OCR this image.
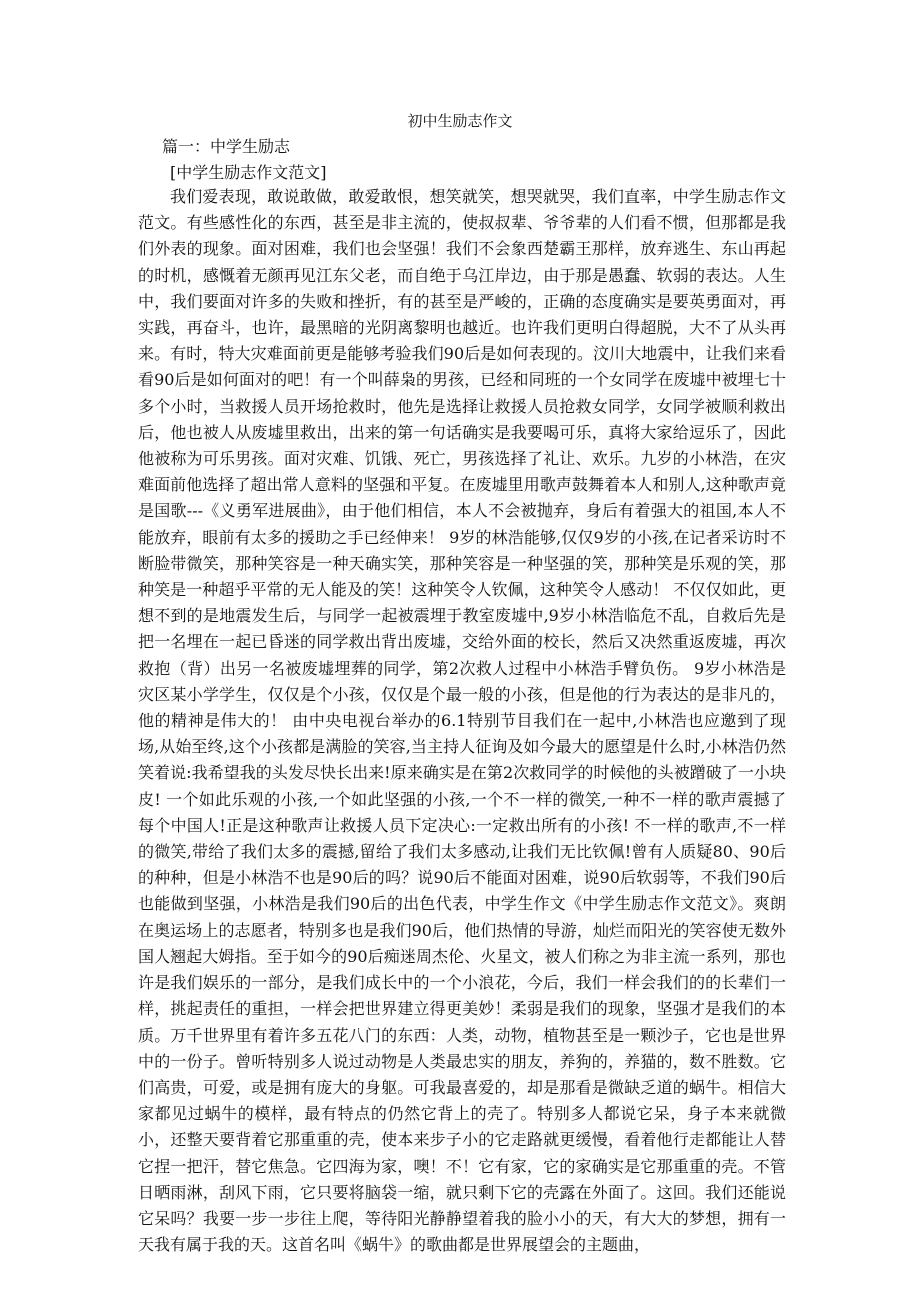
初中生励志作文
篇一：中学生励志
[中学生励志作文范文]

我们爱表现，敢说敢做，敢爱敢恨，想笑就笑，想哭就哭，我们直率，中学生励志作文范文。有些感性化的东西，甚至是非主流的，使叔叔辈、爷爷辈的人们看不惯，但那都是我们外表的现象。面对困难，我们也会坚强！我们不会象西楚霸王那样，放弃逃生、东山再起的时机，感慨着无颜再见江东父老，而自绝于乌江岸边，由于那是愚蠢、软弱的表达。人生中，我们要面对许多的失败和挫折，有的甚至是严峻的，正确的态度确实是要英勇面对，再实践，再奋斗，也许，最黑暗的光阴离黎明也越近。也许我们更明白得超脱，大不了从头再来。有时，特大灾难面前更是能够考验我们90后是如何表现的。汶川大地震中，让我们来看看90后是如何面对的吧！有一个叫薛枭的男孩，已经和同班的一个女同学在废墟中被埋七十多个小时，当救援人员开场抢救时，他先是选择让救援人员抢救女同学，女同学被顺利救出后，他也被人从废墟里救出，出来的第一句话确实是我要喝可乐，真将大家给逗乐了，因此他被称为可乐男孩。面对灾难、饥饿、死亡，男孩选择了礼让、欢乐。九岁的小林浩，在灾难面前他选择了超出常人意料的坚强和平复。在废墟里用歌声鼓舞着本人和别人,这种歌声竟是国歌---《义勇军进展曲》，由于他们相信，本人不会被抛弃，身后有着强大的祖国,本人不能放弃，眼前有太多的援助之手已经伸来！ 9岁的林浩能够,仅仅9岁的小孩,在记者采访时不断脸带微笑，那种笑容是一种天确实笑，那种笑容是一种坚强的笑，那种笑是乐观的笑，那种笑是一种超乎平常的无人能及的笑！这种笑令人钦佩，这种笑令人感动！ 不仅仅如此，更想不到的是地震发生后，与同学一起被震埋于教室废墟中,9岁小林浩临危不乱，自救后先是把一名埋在一起已昏迷的同学救出背出废墟，交给外面的校长，然后又决然重返废墟，再次救抱（背）出另一名被废墟埋葬的同学，第2次救人过程中小林浩手臂负伤。 9岁小林浩是灾区某小学学生，仅仅是个小孩，仅仅是个最一般的小孩，但是他的行为表达的是非凡的，他的精神是伟大的！ 由中央电视台举办的6.1特别节目我们在一起中,小林浩也应邀到了现场,从始至终,这个小孩都是满脸的笑容,当主持人征询及如今最大的愿望是什么时,小林浩仍然笑着说:我希望我的头发尽快长出来!原来确实是在第2次救同学的时候他的头被蹭破了一小块皮! 一个如此乐观的小孩,一个如此坚强的小孩,一个不一样的微笑,一种不一样的歌声震撼了每个中国人!正是这种歌声让救援人员下定决心:一定救出所有的小孩! 不一样的歌声,不一样的微笑,带给了我们太多的震撼,留给了我们太多感动,让我们无比钦佩!曾有人质疑80、90后的种种，但是小林浩不也是90后的吗？说90后不能面对困难，说90后软弱等，不我们90后也能做到坚强，小林浩是我们90后的出色代表，中学生作文《中学生励志作文范文》。爽朗在奥运场上的志愿者，特别多也是我们90后，他们热情的导游，灿烂而阳光的笑容使无数外国人翘起大姆指。至于如今的90后痴迷周杰伦、火星文，被人们称之为非主流一系列，那也许是我们娱乐的一部分，是我们成长中的一个小浪花，今后，我们一样会我们的的长辈们一样，挑起责任的重担，一样会把世界建立得更美妙！柔弱是我们的现象，坚强才是我们的本质。万千世界里有着许多五花八门的东西：人类，动物，植物甚至是一颗沙子，它也是世界中的一份子。曾听特别多人说过动物是人类最忠实的朋友，养狗的，养猫的，数不胜数。它们高贵，可爱，或是拥有庞大的身躯。可我最喜爱的，却是那看是微缺乏道的蜗牛。相信大家都见过蜗牛的模样，最有特点的仍然它背上的壳了。特别多人都说它呆，身子本来就微小，还整天要背着它那重重的壳，使本来步子小的它走路就更缓慢，看着他行走都能让人替它捏一把汗，替它焦急。它四海为家，噢！不！它有家，它的家确实是它那重重的壳。不管日晒雨淋，刮风下雨，它只要将脑袋一缩，就只剩下它的壳露在外面了。这回。我们还能说它呆吗？我要一步一步往上爬，等待阳光静静望着我的脸小小的天，有大大的梦想，拥有一天我有属于我的天。这首名叫《蜗牛》的歌曲都是世界展望会的主题曲，
